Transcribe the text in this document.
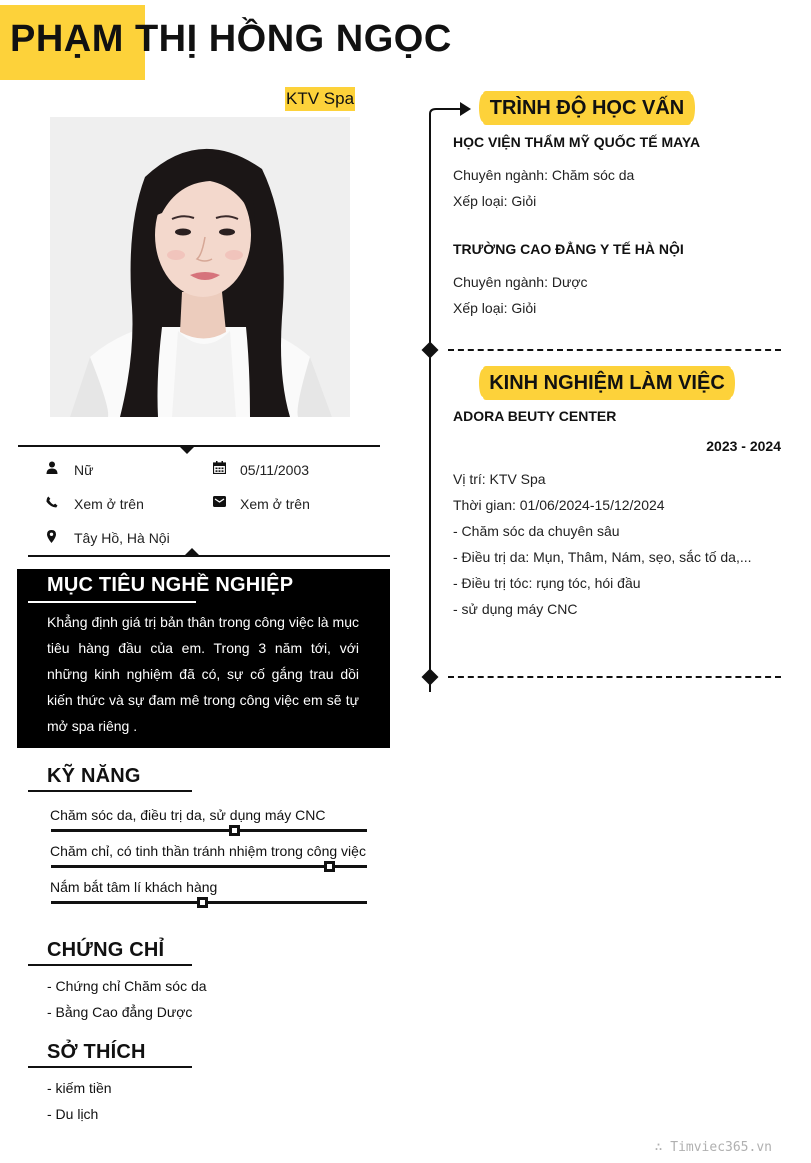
PHẠM THỊ HỒNG NGỌC
KTV Spa
Nữ	05/11/2003
Xem ở trên	Xem ở trên
Tây Hồ, Hà Nội
MỤC TIÊU NGHỀ NGHIỆP
Khẳng định giá trị bản thân trong công việc là mục tiêu hàng đầu của em. Trong 3 năm tới, với những kinh nghiệm đã có, sự cố gắng trau dồi kiến thức và sự đam mê trong công việc em sẽ tự mở spa riêng .
KỸ NĂNG
Chăm sóc da, điều trị da, sử dụng máy CNC
Chăm chỉ, có tinh thần tránh nhiệm trong công việc
Nắm bắt tâm lí khách hàng
CHỨNG CHỈ
- Chứng chỉ Chăm sóc da
- Bằng Cao đẳng Dược
SỞ THÍCH
- kiếm tiền
- Du lịch
TRÌNH ĐỘ HỌC VẤN
HỌC VIỆN THẨM MỸ QUỐC TẾ MAYA
Chuyên ngành: Chăm sóc da
Xếp loại: Giỏi
TRƯỜNG CAO ĐẲNG Y TẾ HÀ NỘI
Chuyên ngành: Dược
Xếp loại: Giỏi
KINH NGHIỆM LÀM VIỆC
ADORA BEUTY CENTER
2023 - 2024
Vị trí: KTV Spa
Thời gian: 01/06/2024-15/12/2024
- Chăm sóc da chuyên sâu
- Điều trị da: Mụn, Thâm, Nám, sẹo, sắc tố da,...
- Điều trị tóc: rụng tóc, hói đầu
- sử dụng máy CNC
∴ Timviec365.vn
